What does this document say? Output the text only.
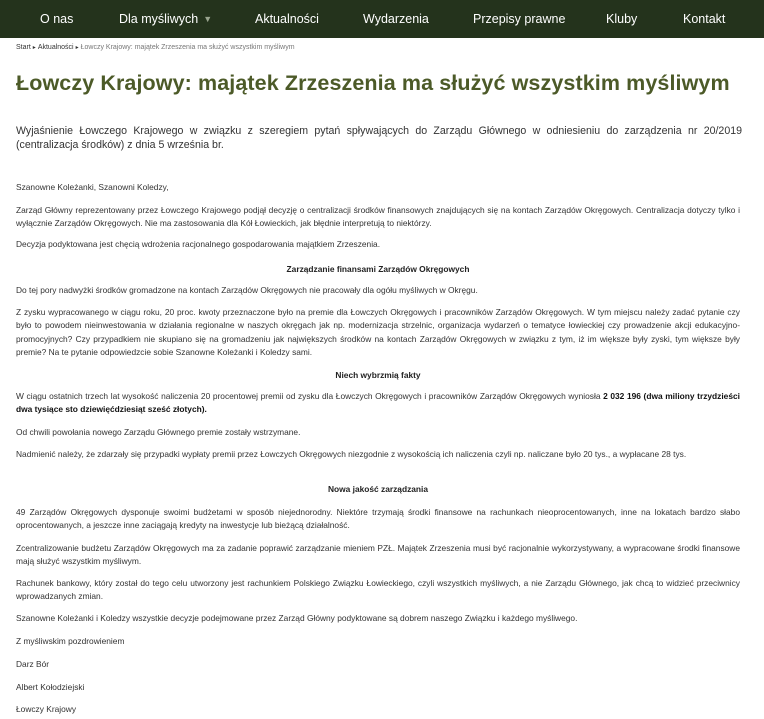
O nas	Dla myśliwych ▼	Aktualności	Wydarzenia	Przepisy prawne	Kluby	Kontakt
Start ▸ Aktualności ▸ Łowczy Krajowy: majątek Zrzeszenia ma służyć wszystkim myśliwym
Łowczy Krajowy: majątek Zrzeszenia ma służyć wszystkim myśliwym

Wyjaśnienie Łowczego Krajowego w związku z szeregiem pytań spływających do Zarządu Głównego w odniesieniu do zarządzenia nr 20/2019 (centralizacja środków) z dnia 5 września br.

Szanowne Koleżanki, Szanowni Koledzy,

Zarząd Główny reprezentowany przez Łowczego Krajowego podjął decyzję o centralizacji środków finansowych znajdujących się na kontach Zarządów Okręgowych. Centralizacja dotyczy tylko i wyłącznie Zarządów Okręgowych. Nie ma zastosowania dla Kół Łowieckich, jak błędnie interpretują to niektórzy.

Decyzja podyktowana jest chęcią wdrożenia racjonalnego gospodarowania majątkiem Zrzeszenia.

Zarządzanie finansami Zarządów Okręgowych

Do tej pory nadwyżki środków gromadzone na kontach Zarządów Okręgowych nie pracowały dla ogółu myśliwych w Okręgu.

Z zysku wypracowanego w ciągu roku, 20 proc. kwoty przeznaczone było na premie dla Łowczych Okręgowych i pracowników Zarządów Okręgowych. W tym miejscu należy zadać pytanie czy było to powodem nieinwestowania w działania regionalne w naszych okręgach jak np. modernizacja strzelnic, organizacja wydarzeń o tematyce łowieckiej czy prowadzenie akcji edukacyjno-promocyjnych? Czy przypadkiem nie skupiano się na gromadzeniu jak największych środków na kontach Zarządów Okręgowych w związku z tym, iż im większe były zyski, tym większe były premie? Na te pytanie odpowiedzcie sobie Szanowne Koleżanki i Koledzy sami.

Niech wybrzmią fakty

W ciągu ostatnich trzech lat wysokość naliczenia 20 procentowej premii od zysku dla Łowczych Okręgowych i pracowników Zarządów Okręgowych wyniosła 2 032 196 (dwa miliony trzydzieści dwa tysiące sto dziewięćdziesiąt sześć złotych).

Od chwili powołania nowego Zarządu Głównego premie zostały wstrzymane.

Nadmienić należy, że zdarzały się przypadki wypłaty premii przez Łowczych Okręgowych niezgodnie z wysokością ich naliczenia czyli np. naliczane było 20 tys., a wypłacane 28 tys.

Nowa jakość zarządzania

49 Zarządów Okręgowych dysponuje swoimi budżetami w sposób niejednorodny. Niektóre trzymają środki finansowe na rachunkach nieoprocentowanych, inne na lokatach bardzo słabo oprocentowanych, a jeszcze inne zaciągają kredyty na inwestycje lub bieżącą działalność.

Zcentralizowanie budżetu Zarządów Okręgowych ma za zadanie poprawić zarządzanie mieniem PZŁ. Majątek Zrzeszenia musi być racjonalnie wykorzystywany, a wypracowane środki finansowe mają służyć wszystkim myśliwym.

Rachunek bankowy, który został do tego celu utworzony jest rachunkiem Polskiego Związku Łowieckiego, czyli wszystkich myśliwych, a nie Zarządu Głównego, jak chcą to widzieć przeciwnicy wprowadzanych zmian.

Szanowne Koleżanki i Koledzy wszystkie decyzje podejmowane przez Zarząd Główny podyktowane są dobrem naszego Związku i każdego myśliwego.

Z myśliwskim pozdrowieniem

Darz Bór

Albert Kołodziejski

Łowczy Krajowy
